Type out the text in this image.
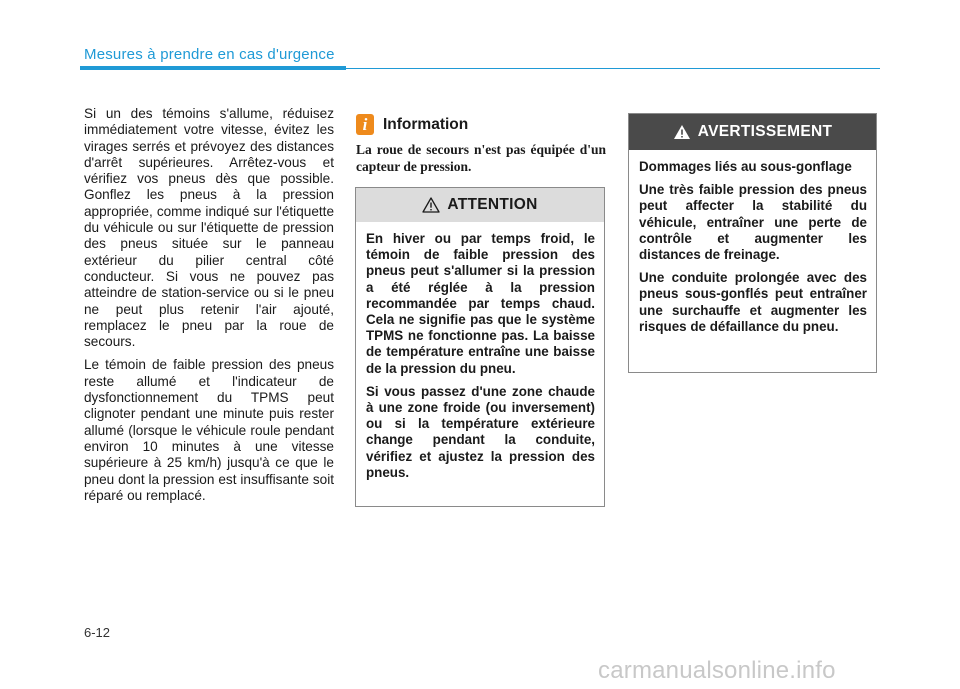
Mesures à prendre en cas d'urgence

Si un des témoins s'allume, réduisez immédiatement votre vitesse, évitez les virages serrés et prévoyez des distances d'arrêt supérieures. Arrêtez-vous et vérifiez vos pneus dès que possible. Gonflez les pneus à la pression appropriée, comme indiqué sur l'étiquette du véhicule ou sur l'étiquette de pression des pneus située sur le panneau extérieur du pilier central côté conducteur. Si vous ne pouvez pas atteindre de station-service ou si le pneu ne peut plus retenir l'air ajouté, remplacez le pneu par la roue de secours.

Le témoin de faible pression des pneus reste allumé et l'indicateur de dysfonctionnement du TPMS peut clignoter pendant une minute puis rester allumé (lorsque le véhicule roule pendant environ 10 minutes à une vitesse supérieure à 25 km/h) jusqu'à ce que le pneu dont la pression est insuffisante soit réparé ou remplacé.

i	Information
La roue de secours n'est pas équipée d'un capteur de pression.
ATTENTION

En hiver ou par temps froid, le témoin de faible pression des pneus peut s'allumer si la pression a été réglée à la pression recommandée par temps chaud. Cela ne signifie pas que le système TPMS ne fonctionne pas. La baisse de température entraîne une baisse de la pression du pneu.

Si vous passez d'une zone chaude à une zone froide (ou inversement) ou si la température extérieure change pendant la conduite, vérifiez et ajustez la pression des pneus.

AVERTISSEMENT

Dommages liés au sous-gonflage

Une très faible pression des pneus peut affecter la stabilité du véhicule, entraîner une perte de contrôle et augmenter les distances de freinage.

Une conduite prolongée avec des pneus sous-gonflés peut entraîner une surchauffe et augmenter les risques de défaillance du pneu.

6-12
carmanualsonline.info
